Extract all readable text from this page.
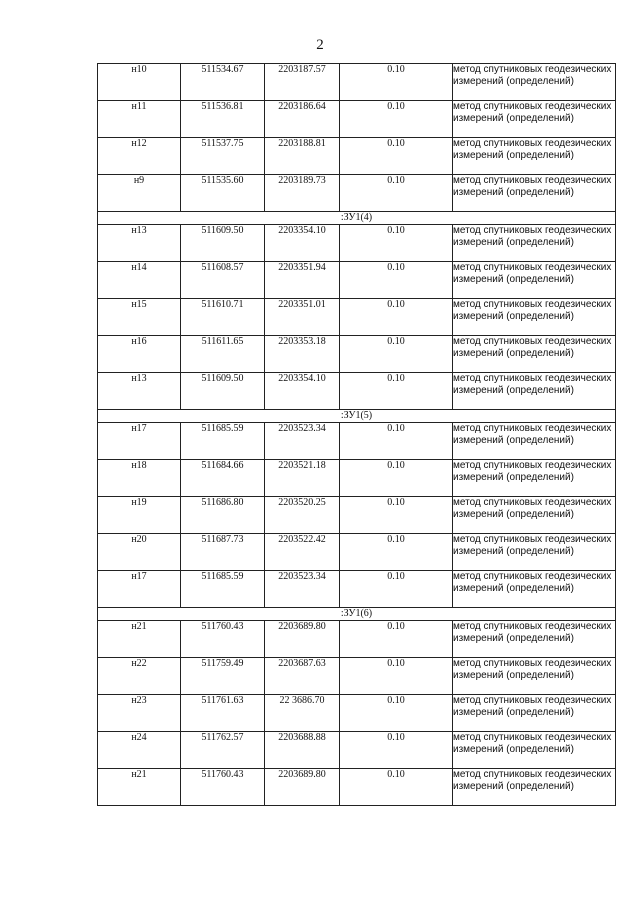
2
н10	511534.67	2203187.57	0.10	метод спутниковых геодезических измерений (определений)
н11	511536.81	2203186.64	0.10	метод спутниковых геодезических измерений (определений)
н12	511537.75	2203188.81	0.10	метод спутниковых геодезических измерений (определений)
н9	511535.60	2203189.73	0.10	метод спутниковых геодезических измерений (определений)
:ЗУ1(4)				
н13	511609.50	2203354.10	0.10	метод спутниковых геодезических измерений (определений)
н14	511608.57	2203351.94	0.10	метод спутниковых геодезических измерений (определений)
н15	511610.71	2203351.01	0.10	метод спутниковых геодезических измерений (определений)
н16	511611.65	2203353.18	0.10	метод спутниковых геодезических измерений (определений)
н13	511609.50	2203354.10	0.10	метод спутниковых геодезических измерений (определений)
:ЗУ1(5)				
н17	511685.59	2203523.34	0.10	метод спутниковых геодезических измерений (определений)
н18	511684.66	2203521.18	0.10	метод спутниковых геодезических измерений (определений)
н19	511686.80	2203520.25	0.10	метод спутниковых геодезических измерений (определений)
н20	511687.73	2203522.42	0.10	метод спутниковых геодезических измерений (определений)
н17	511685.59	2203523.34	0.10	метод спутниковых геодезических измерений (определений)
:ЗУ1(6)				
н21	511760.43	2203689.80	0.10	метод спутниковых геодезических измерений (определений)
н22	511759.49	2203687.63	0.10	метод спутниковых геодезических измерений (определений)
н23	511761.63	22 3686.70	0.10	метод спутниковых геодезических измерений (определений)
н24	511762.57	2203688.88	0.10	метод спутниковых геодезических измерений (определений)
н21	511760.43	2203689.80	0.10	метод спутниковых геодезических измерений (определений)
